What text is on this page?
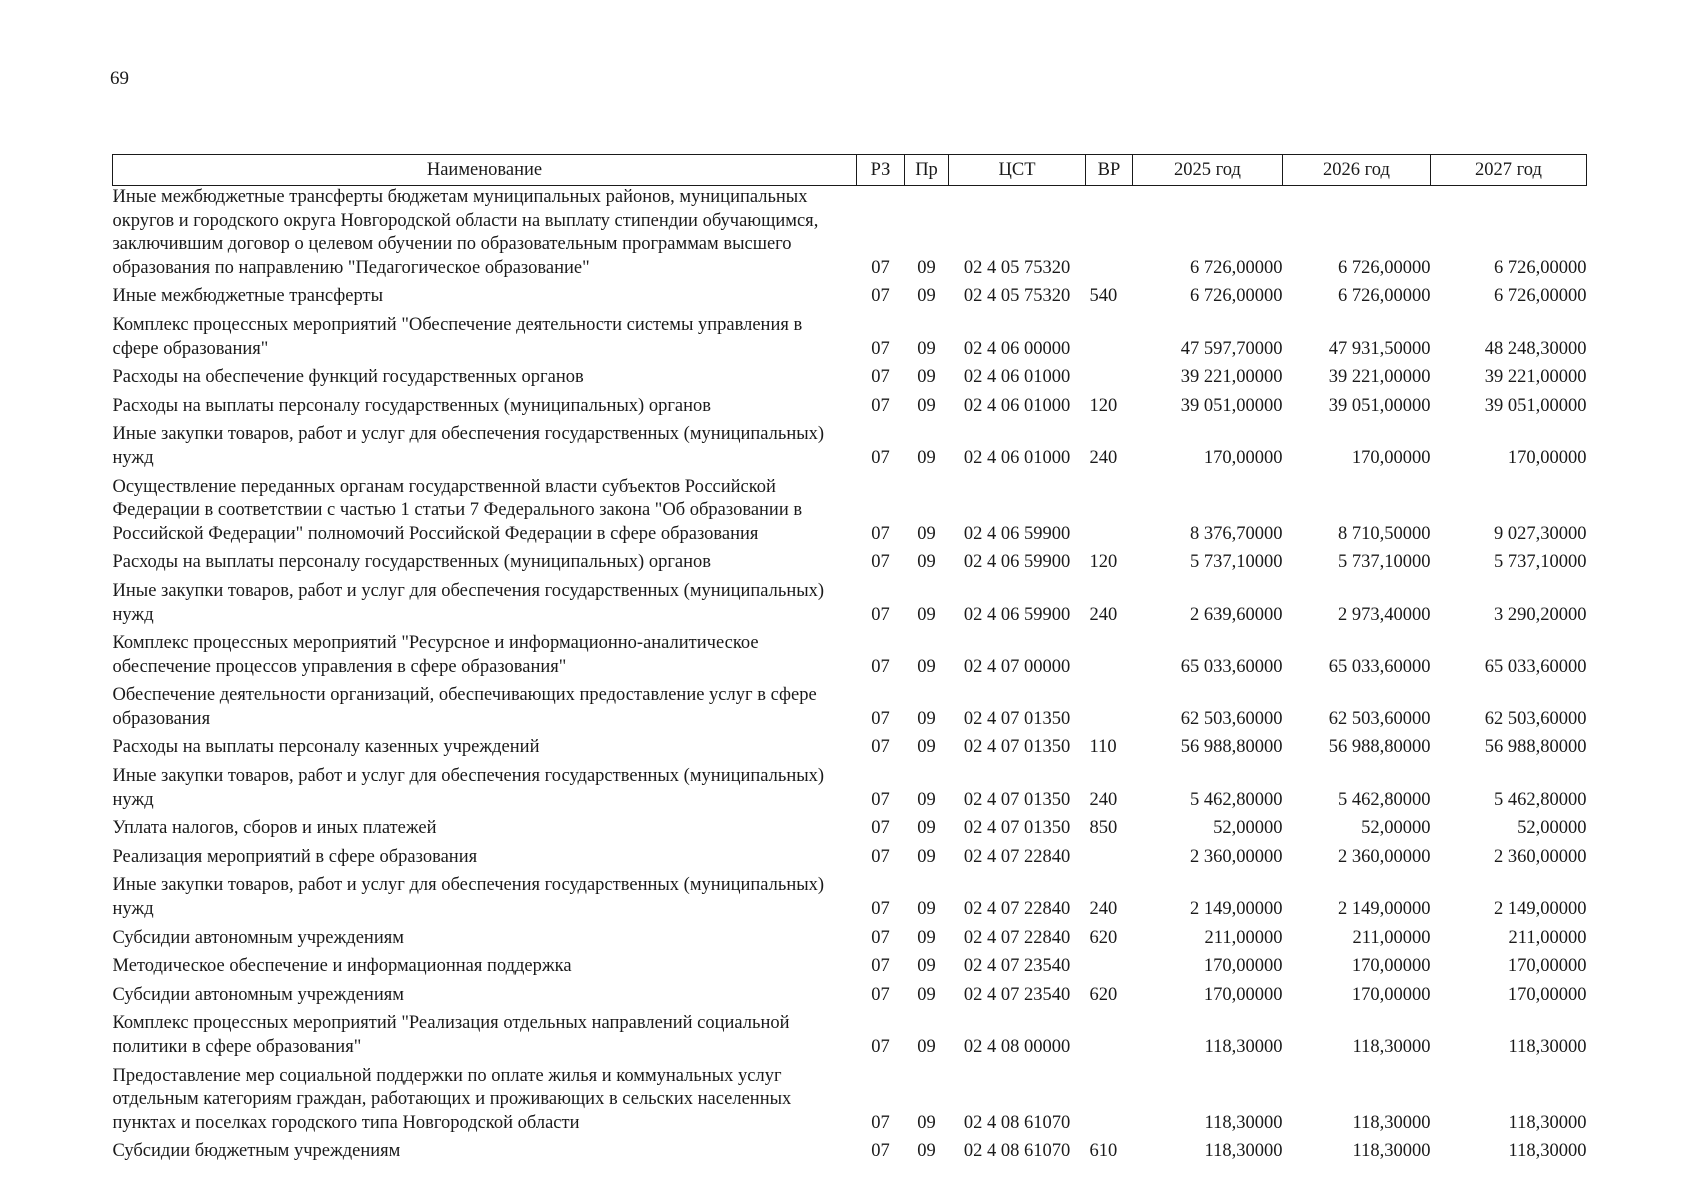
69
Наименование	РЗ	Пр	ЦСТ	ВР	2025 год	2026 год	2027 год
Иные межбюджетные трансферты бюджетам муниципальных районов, муниципальных округов и городского округа Новгородской области на выплату стипендии обучающимся, заключившим договор о целевом обучении по образовательным программам высшего образования по направлению "Педагогическое образование"	07	09	02 4 05 75320		6 726,00000	6 726,00000	6 726,00000
Иные межбюджетные трансферты	07	09	02 4 05 75320	540	6 726,00000	6 726,00000	6 726,00000
Комплекс процессных мероприятий "Обеспечение деятельности системы управления в сфере образования"	07	09	02 4 06 00000		47 597,70000	47 931,50000	48 248,30000
Расходы на обеспечение функций государственных органов	07	09	02 4 06 01000		39 221,00000	39 221,00000	39 221,00000
Расходы на выплаты персоналу государственных (муниципальных) органов	07	09	02 4 06 01000	120	39 051,00000	39 051,00000	39 051,00000
Иные закупки товаров, работ и услуг для обеспечения государственных (муниципальных) нужд	07	09	02 4 06 01000	240	170,00000	170,00000	170,00000
Осуществление переданных органам государственной власти субъектов Российской Федерации в соответствии с частью 1 статьи 7 Федерального закона "Об образовании в Российской Федерации" полномочий Российской Федерации в сфере образования	07	09	02 4 06 59900		8 376,70000	8 710,50000	9 027,30000
Расходы на выплаты персоналу государственных (муниципальных) органов	07	09	02 4 06 59900	120	5 737,10000	5 737,10000	5 737,10000
Иные закупки товаров, работ и услуг для обеспечения государственных (муниципальных) нужд	07	09	02 4 06 59900	240	2 639,60000	2 973,40000	3 290,20000
Комплекс процессных мероприятий "Ресурсное и информационно-аналитическое обеспечение процессов управления в сфере образования"	07	09	02 4 07 00000		65 033,60000	65 033,60000	65 033,60000
Обеспечение деятельности организаций, обеспечивающих предоставление услуг в сфере образования	07	09	02 4 07 01350		62 503,60000	62 503,60000	62 503,60000
Расходы на выплаты персоналу казенных учреждений	07	09	02 4 07 01350	110	56 988,80000	56 988,80000	56 988,80000
Иные закупки товаров, работ и услуг для обеспечения государственных (муниципальных) нужд	07	09	02 4 07 01350	240	5 462,80000	5 462,80000	5 462,80000
Уплата налогов, сборов и иных платежей	07	09	02 4 07 01350	850	52,00000	52,00000	52,00000
Реализация мероприятий в сфере образования	07	09	02 4 07 22840		2 360,00000	2 360,00000	2 360,00000
Иные закупки товаров, работ и услуг для обеспечения государственных (муниципальных) нужд	07	09	02 4 07 22840	240	2 149,00000	2 149,00000	2 149,00000
Субсидии автономным учреждениям	07	09	02 4 07 22840	620	211,00000	211,00000	211,00000
Методическое обеспечение и информационная поддержка	07	09	02 4 07 23540		170,00000	170,00000	170,00000
Субсидии автономным учреждениям	07	09	02 4 07 23540	620	170,00000	170,00000	170,00000
Комплекс процессных мероприятий "Реализация отдельных направлений социальной политики в сфере образования"	07	09	02 4 08 00000		118,30000	118,30000	118,30000
Предоставление мер социальной поддержки по оплате жилья и коммунальных услуг отдельным категориям граждан, работающих и проживающих в сельских населенных пунктах и поселках городского типа Новгородской области	07	09	02 4 08 61070		118,30000	118,30000	118,30000
Субсидии бюджетным учреждениям	07	09	02 4 08 61070	610	118,30000	118,30000	118,30000
